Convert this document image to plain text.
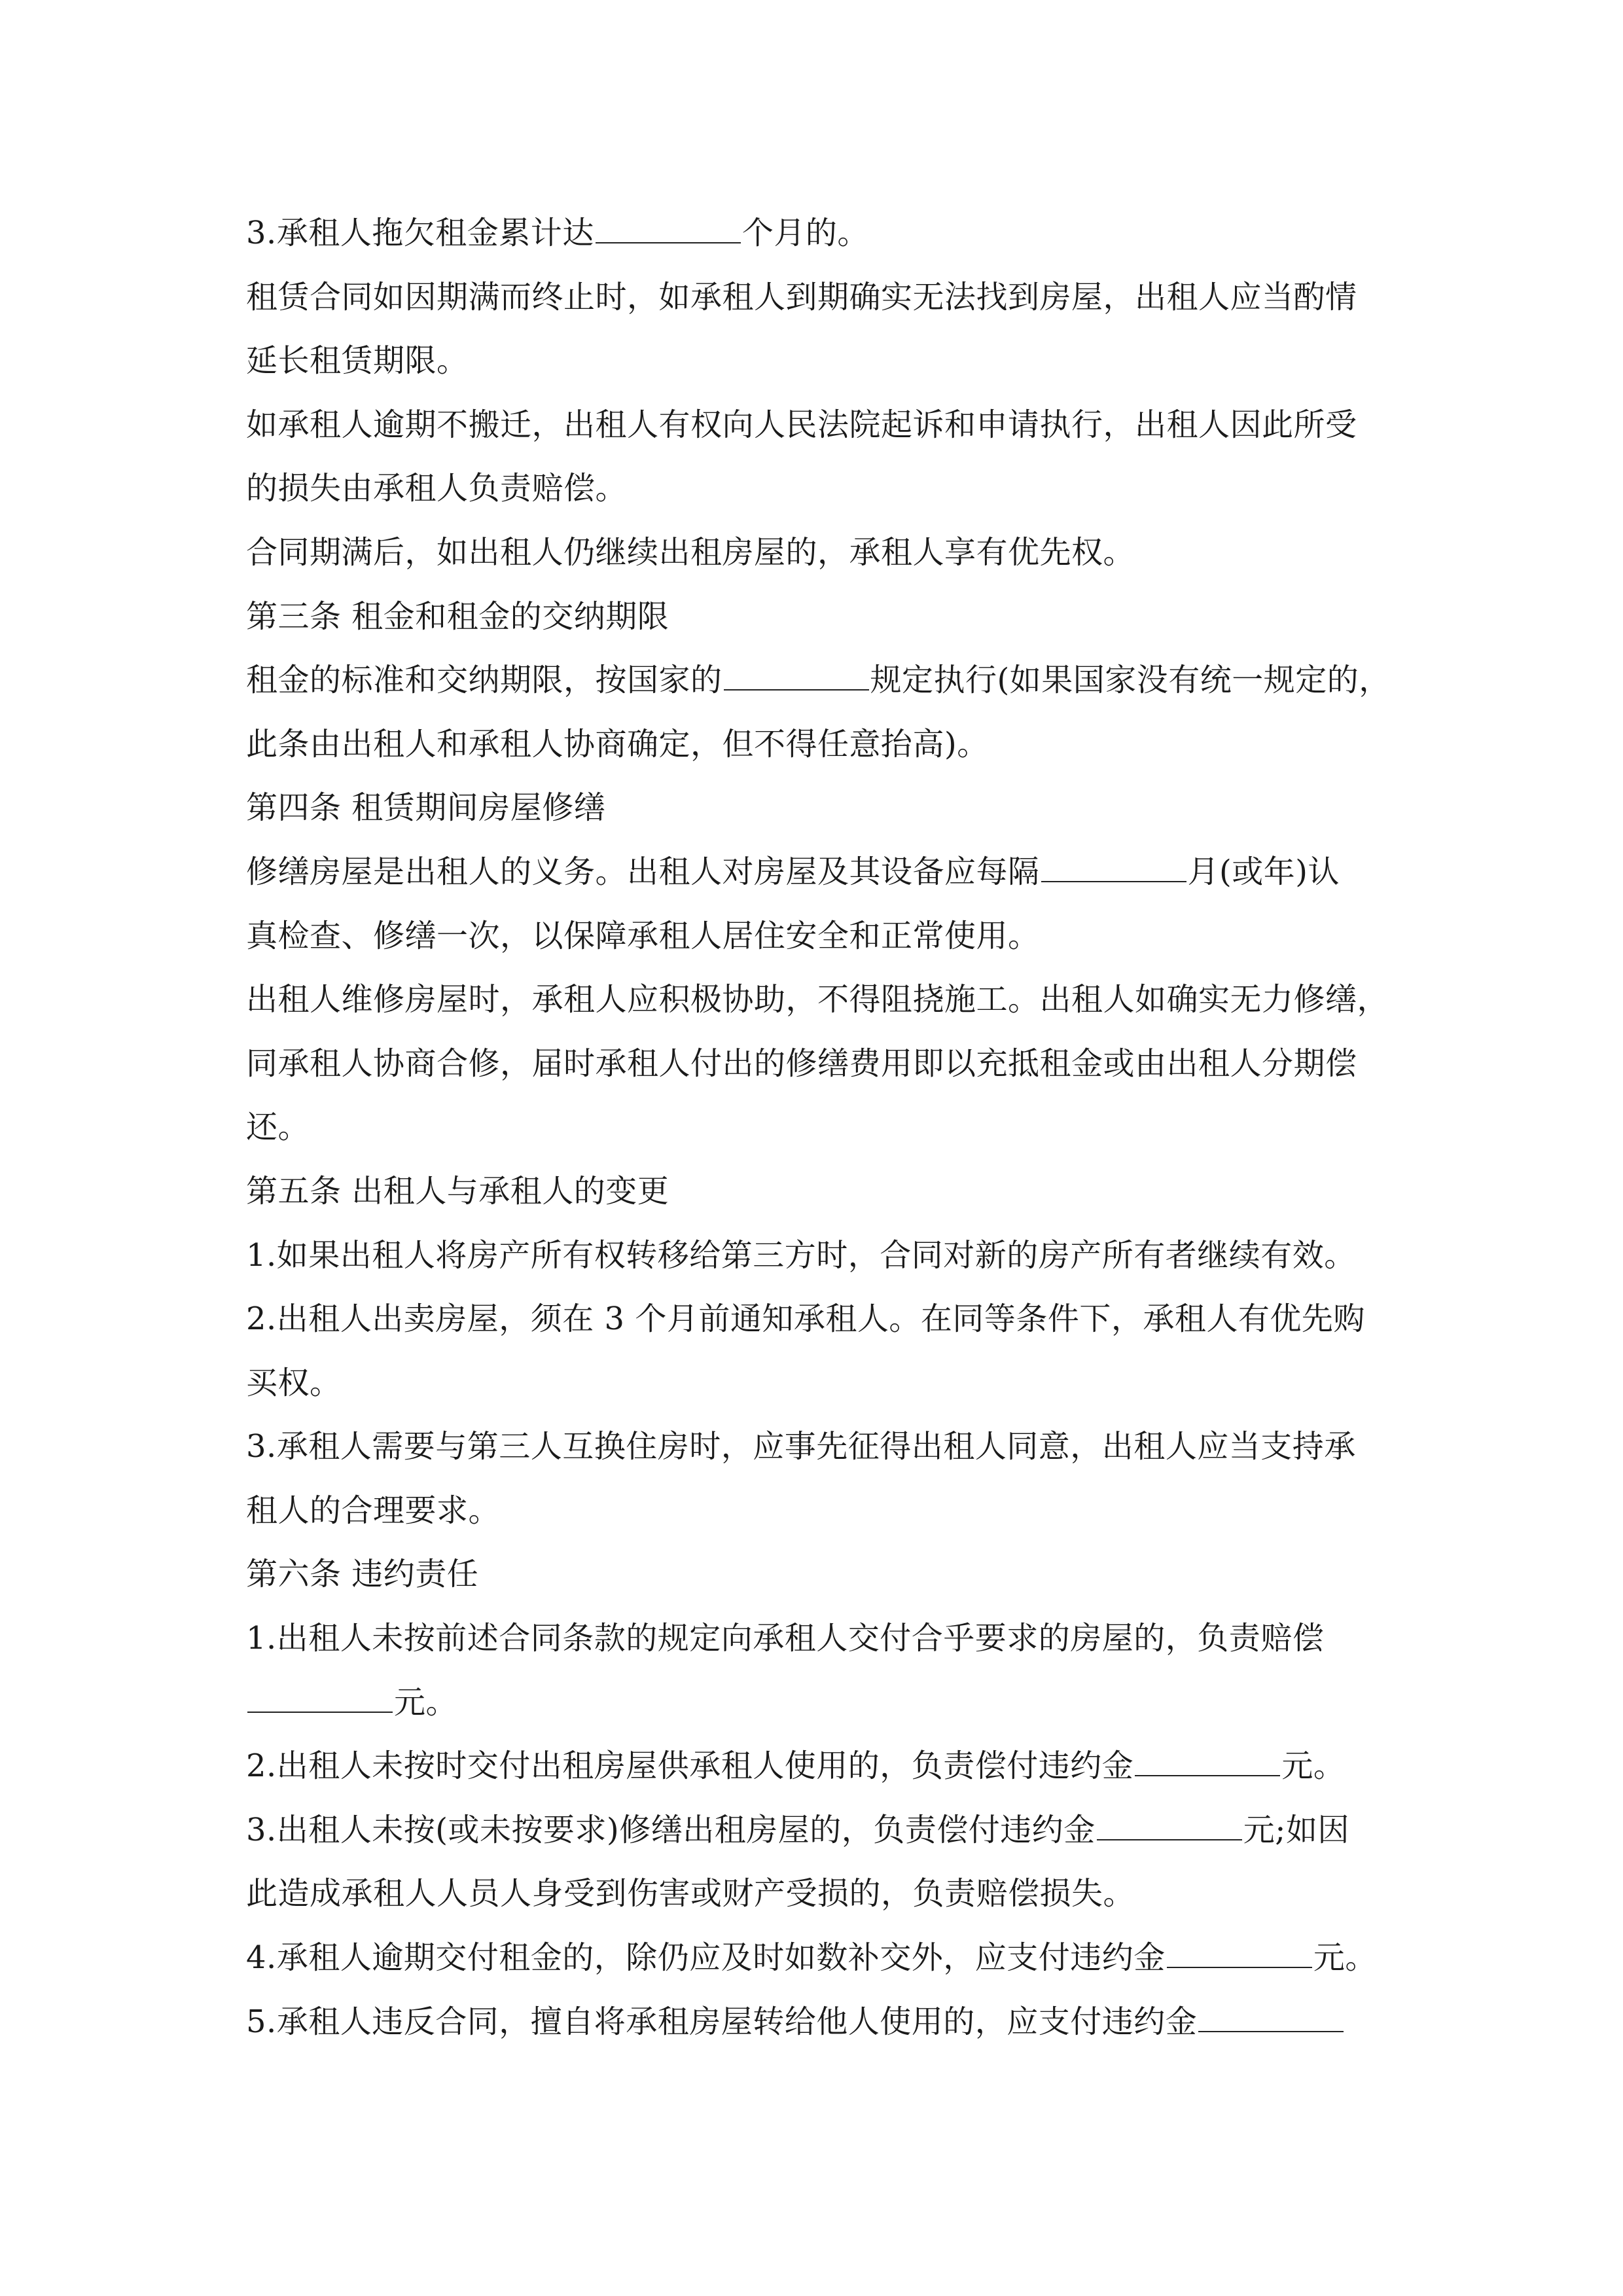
3.承租人拖欠租金累计达	个月的。
租赁合同如因期满而终止时，如承租人到期确实无法找到房屋，出租人应当酌情
延长租赁期限。
如承租人逾期不搬迁，出租人有权向人民法院起诉和申请执行，出租人因此所受
的损失由承租人负责赔偿。
合同期满后，如出租人仍继续出租房屋的，承租人享有优先权。
第三条 租金和租金的交纳期限
租金的标准和交纳期限，按国家的	规定执行(如果国家没有统一规定的，
此条由出租人和承租人协商确定，但不得任意抬高)。
第四条 租赁期间房屋修缮
修缮房屋是出租人的义务。出租人对房屋及其设备应每隔	月(或年)认
真检查、修缮一次，以保障承租人居住安全和正常使用。
出租人维修房屋时，承租人应积极协助，不得阻挠施工。出租人如确实无力修缮，
同承租人协商合修，届时承租人付出的修缮费用即以充抵租金或由出租人分期偿
还。
第五条 出租人与承租人的变更
1.如果出租人将房产所有权转移给第三方时，合同对新的房产所有者继续有效。
2.出租人出卖房屋，须在 3 个月前通知承租人。在同等条件下，承租人有优先购
买权。
3.承租人需要与第三人互换住房时，应事先征得出租人同意，出租人应当支持承
租人的合理要求。
第六条 违约责任
1.出租人未按前述合同条款的规定向承租人交付合乎要求的房屋的，负责赔偿
元。
2.出租人未按时交付出租房屋供承租人使用的，负责偿付违约金	元。
3.出租人未按(或未按要求)修缮出租房屋的，负责偿付违约金	元;如因
此造成承租人人员人身受到伤害或财产受损的，负责赔偿损失。
4.承租人逾期交付租金的，除仍应及时如数补交外，应支付违约金	元。
5.承租人违反合同，擅自将承租房屋转给他人使用的，应支付违约金
